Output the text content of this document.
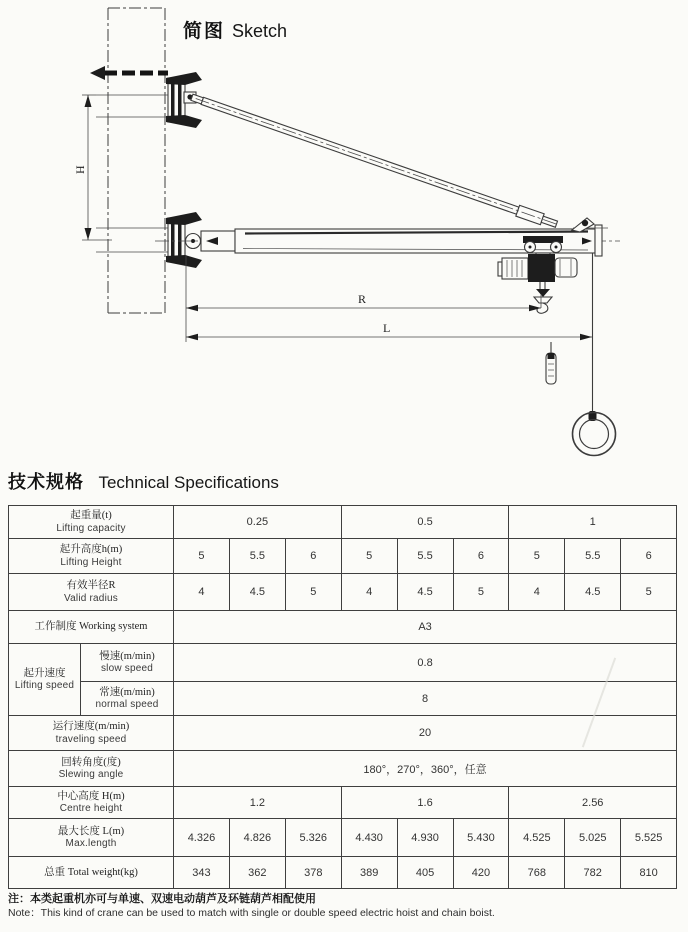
H
R
L
简图 Sketch
技术规格 Technical Specifications
起重量(t)
Lifting capacity		0.25			0.5			1		

起升高度h(m)
Lifting Height		5	5.5	6	5	5.5	6	5	5.5	6

有效半径R
Valid radius		4	4.5	5	4	4.5	5	4	4.5	5

工作制度 Working system		A3								

起升速度
Lifting speed

慢速(m/min)
slow speed
	0.8

	常速(m/min)
normal speed	8								

运行速度(m/min)
traveling speed		20								

回转角度(度)
Slewing angle		180°，270°，360°，任意								

中心高度 H(m)
Centre height		1.2			1.6			2.56		

最大长度 L(m)
Max.length		4.326	4.826	5.326	4.430	4.930	5.430	4.525	5.025	5.525

总重 Total weight(kg)		343	362	378	389	405	420	768	782	810
注：本类起重机亦可与单速、双速电动葫芦及环链葫芦相配使用
Note：This kind of crane can be used to match with single or double speed electric hoist and chain boist.
